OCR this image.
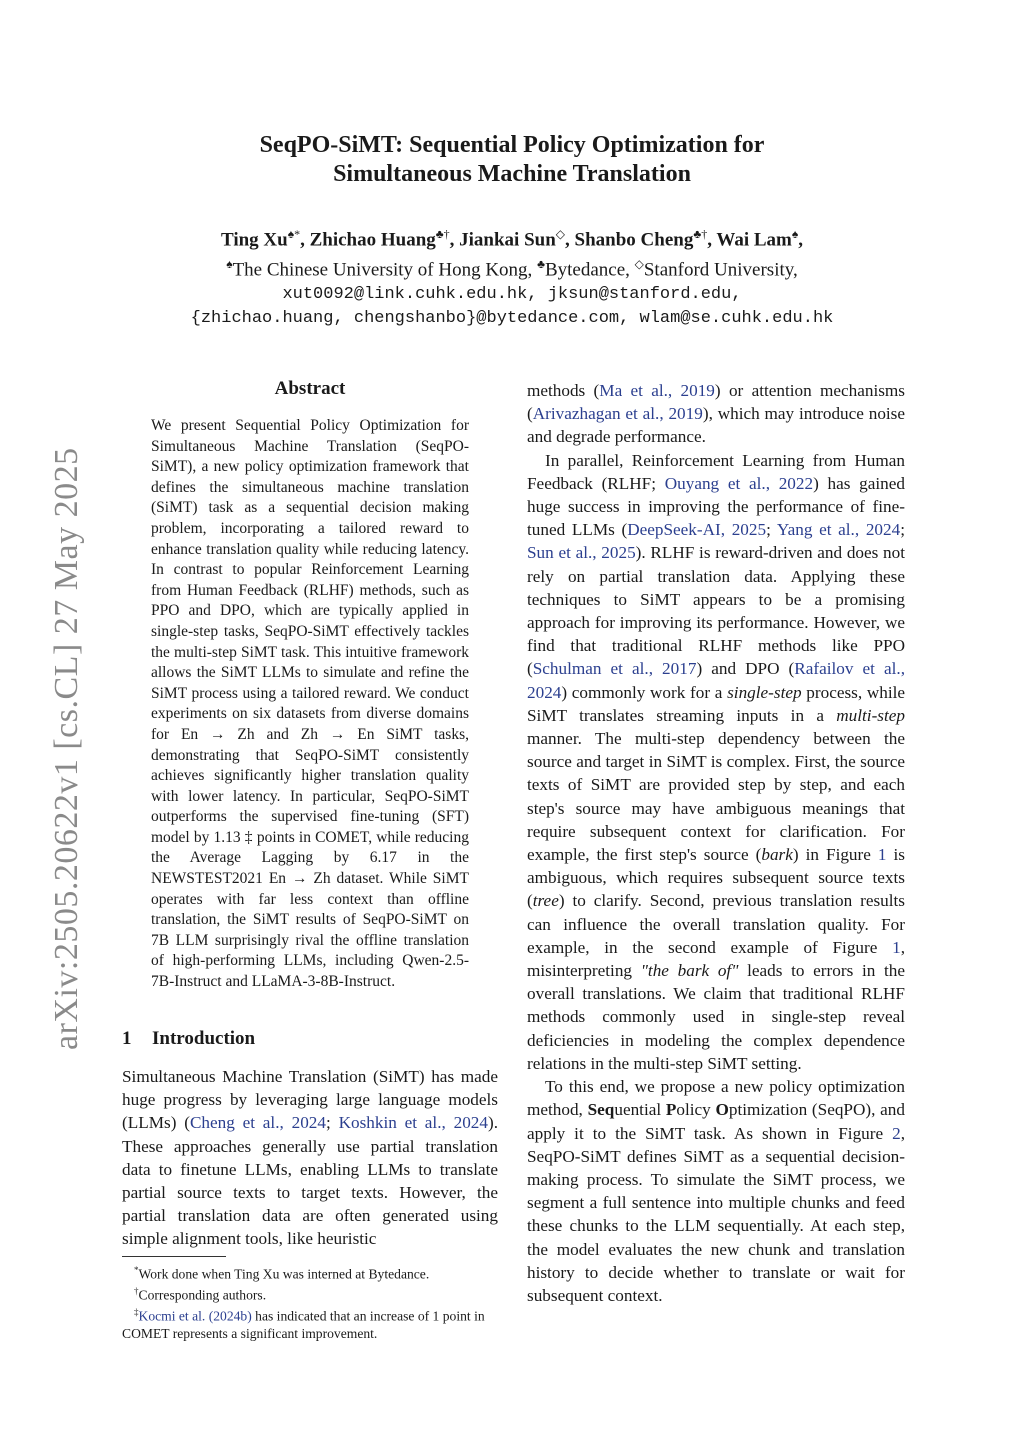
arXiv:2505.20622v1 [cs.CL] 27 May 2025
SeqPO-SiMT: Sequential Policy Optimization for
Simultaneous Machine Translation
Ting Xu♠*, Zhichao Huang♣†, Jiankai Sun◇, Shanbo Cheng♣†, Wai Lam♠,
♠The Chinese University of Hong Kong, ♣Bytedance, ◇Stanford University,
xut0092@link.cuhk.edu.hk, jksun@stanford.edu,
{zhichao.huang, chengshanbo}@bytedance.com, wlam@se.cuhk.edu.hk
Abstract
We present Sequential Policy Optimization for Simultaneous Machine Translation (SeqPO-SiMT), a new policy optimization framework that defines the simultaneous machine translation (SiMT) task as a sequential decision making problem, incorporating a tailored reward to enhance translation quality while reducing latency. In contrast to popular Reinforcement Learning from Human Feedback (RLHF) methods, such as PPO and DPO, which are typically applied in single-step tasks, SeqPO-SiMT effectively tackles the multi-step SiMT task. This intuitive framework allows the SiMT LLMs to simulate and refine the SiMT process using a tailored reward. We conduct experiments on six datasets from diverse domains for En → Zh and Zh → En SiMT tasks, demonstrating that SeqPO-SiMT consistently achieves significantly higher translation quality with lower latency. In particular, SeqPO-SiMT outperforms the supervised fine-tuning (SFT) model by 1.13 ‡ points in COMET, while reducing the Average Lagging by 6.17 in the NEWSTEST2021 En → Zh dataset. While SiMT operates with far less context than offline translation, the SiMT results of SeqPO-SiMT on 7B LLM surprisingly rival the offline translation of high-performing LLMs, including Qwen-2.5-7B-Instruct and LLaMA-3-8B-Instruct.
1 Introduction

Simultaneous Machine Translation (SiMT) has made huge progress by leveraging large language models (LLMs) (Cheng et al., 2024; Koshkin et al., 2024). These approaches generally use partial translation data to finetune LLMs, enabling LLMs to translate partial source texts to target texts. However, the partial translation data are often generated using simple alignment tools, like heuristic

methods (Ma et al., 2019) or attention mechanisms (Arivazhagan et al., 2019), which may introduce noise and degrade performance.

In parallel, Reinforcement Learning from Human Feedback (RLHF; Ouyang et al., 2022) has gained huge success in improving the performance of fine-tuned LLMs (DeepSeek-AI, 2025; Yang et al., 2024; Sun et al., 2025). RLHF is reward-driven and does not rely on partial translation data. Applying these techniques to SiMT appears to be a promising approach for improving its performance. However, we find that traditional RLHF methods like PPO (Schulman et al., 2017) and DPO (Rafailov et al., 2024) commonly work for a single-step process, while SiMT translates streaming inputs in a multi-step manner. The multi-step dependency between the source and target in SiMT is complex. First, the source texts of SiMT are provided step by step, and each step's source may have ambiguous meanings that require subsequent context for clarification. For example, the first step's source (bark) in Figure 1 is ambiguous, which requires subsequent source texts (tree) to clarify. Second, previous translation results can influence the overall translation quality. For example, in the second example of Figure 1, misinterpreting "the bark of" leads to errors in the overall translations. We claim that traditional RLHF methods commonly used in single-step reveal deficiencies in modeling the complex dependence relations in the multi-step SiMT setting.

To this end, we propose a new policy optimization method, Sequential Policy Optimization (SeqPO), and apply it to the SiMT task. As shown in Figure 2, SeqPO-SiMT defines SiMT as a sequential decision-making process. To simulate the SiMT process, we segment a full sentence into multiple chunks and feed these chunks to the LLM sequentially. At each step, the model evaluates the new chunk and translation history to decide whether to translate or wait for subsequent context.

*Work done when Ting Xu was interned at Bytedance.
†Corresponding authors.
‡Kocmi et al. (2024b) has indicated that an increase of 1 point in COMET represents a significant improvement.
